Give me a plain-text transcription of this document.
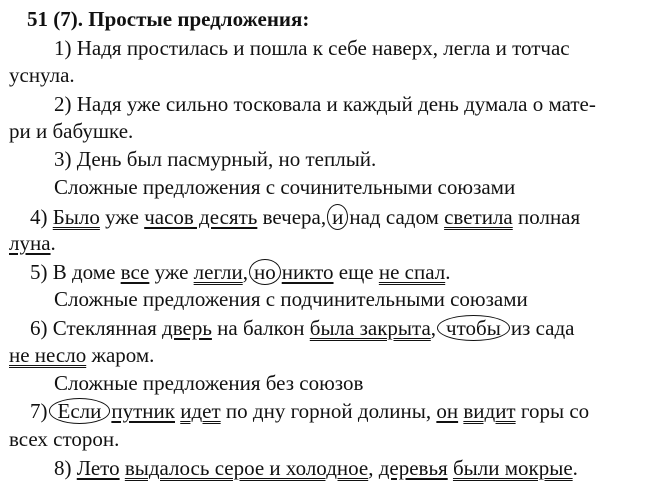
51 (7). Простые предложения:
1) Надя простилась и пошла к себе наверх, легла и тотчас
уснула.
2) Надя уже сильно тосковала и каждый день думала о мате-
ри и бабушке.
3) День был пасмурный, но теплый.
Сложные предложения с сочинительными союзами
4) Было уже часов десять вечера, и над садом светила полная
луна.
5) В доме все уже легли, но никто еще не спал.
Сложные предложения с подчинительными союзами
6) Стеклянная дверь на балкон была закрыта, чтобы из сада
не несло жаром.
Сложные предложения без союзов
7) Если путник идет по дну горной долины, он видит горы со
всех сторон.
8) Лето выдалось серое и холодное, деревья были мокрые.
